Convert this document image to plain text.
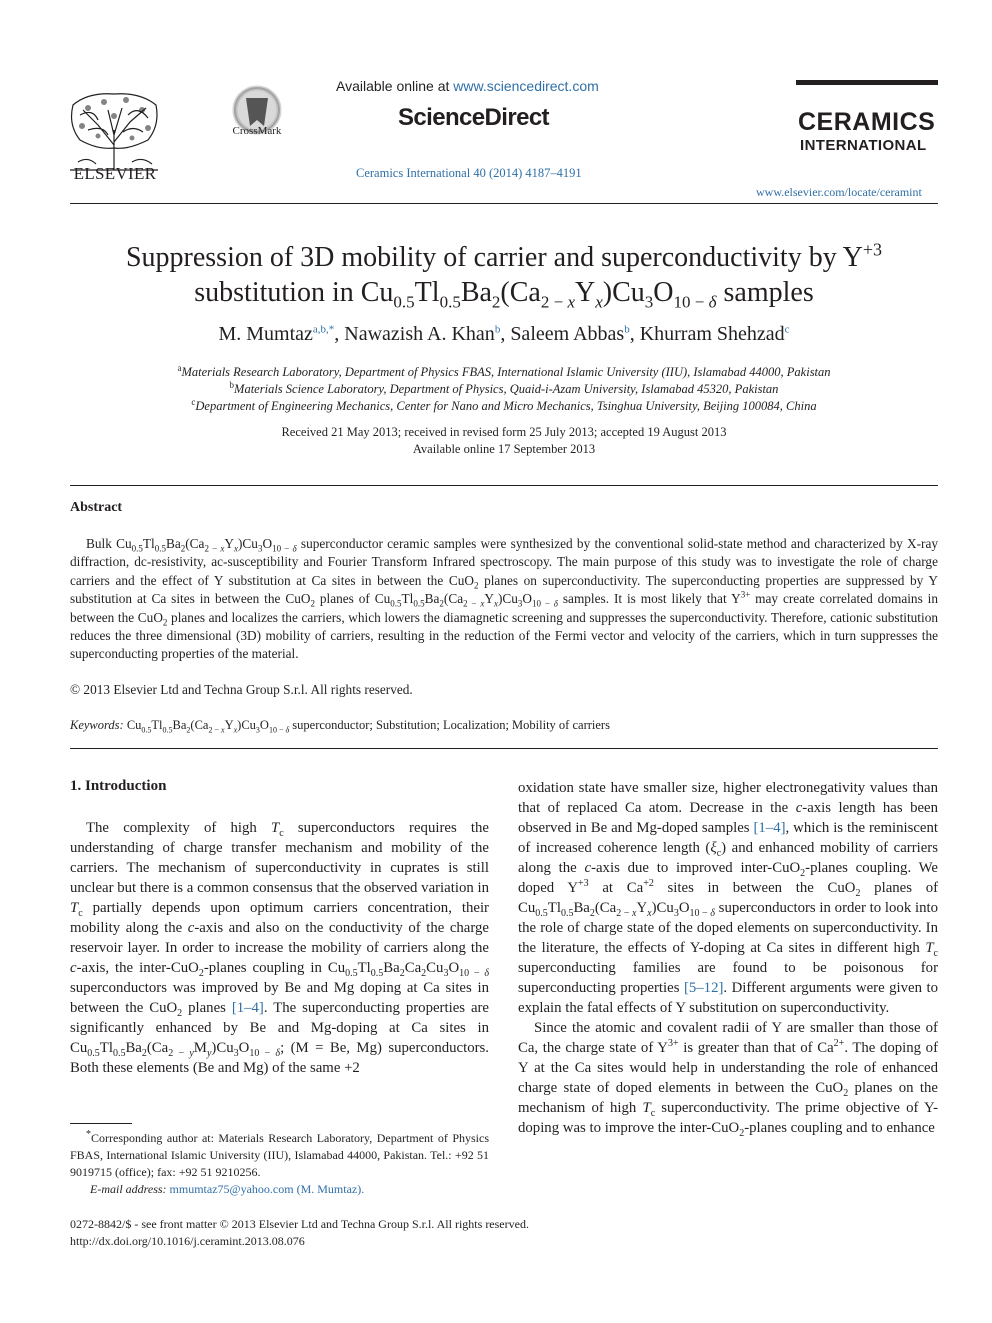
ELSEVIER
CrossMark
Available online at www.sciencedirect.com
ScienceDirect
Ceramics International 40 (2014) 4187–4191
CERAMICS
INTERNATIONAL
www.elsevier.com/locate/ceramint
Suppression of 3D mobility of carrier and superconductivity by $Y^{+3}$
substitution in $Cu_{0.5}Tl_{0.5}Ba_2(Ca_{2 - x}Y_x)Cu_3O_{10 - \delta}$ samples
M. Mumtaz$^{a,b,*}$, Nawazish A. Khan$^b$, Saleem Abbas$^b$, Khurram Shehzad$^c$
$^a$Materials Research Laboratory, Department of Physics FBAS, International Islamic University (IIU), Islamabad 44000, Pakistan
$^b$Materials Science Laboratory, Department of Physics, Quaid-i-Azam University, Islamabad 45320, Pakistan
$^c$Department of Engineering Mechanics, Center for Nano and Micro Mechanics, Tsinghua University, Beijing 100084, China
Received 21 May 2013; received in revised form 25 July 2013; accepted 19 August 2013
Available online 17 September 2013
Abstract
Bulk $Cu_{0.5}Tl_{0.5}Ba_2(Ca_{2 - x}Y_x)Cu_3O_{10 - \delta}$ superconductor ceramic samples were synthesized by the conventional solid-state method and characterized by X-ray diffraction, dc-resistivity, ac-susceptibility and Fourier Transform Infrared spectroscopy. The main purpose of this study was to investigate the role of charge carriers and the effect of Y substitution at Ca sites in between the CuO$_2$ planes on superconductivity. The superconducting properties are suppressed by Y substitution at Ca sites in between the CuO$_2$ planes of $Cu_{0.5}Tl_{0.5}Ba_2(Ca_{2 - x}Y_x)Cu_3O_{10 - \delta}$ samples. It is most likely that $Y^{3+}$ may create correlated domains in between the CuO$_2$ planes and localizes the carriers, which lowers the diamagnetic screening and suppresses the superconductivity. Therefore, cationic substitution reduces the three dimensional (3D) mobility of carriers, resulting in the reduction of the Fermi vector and velocity of the carriers, which in turn suppresses the superconducting properties of the material.
© 2013 Elsevier Ltd and Techna Group S.r.l. All rights reserved.
Keywords: $Cu_{0.5}Tl_{0.5}Ba_2(Ca_{2 - x}Y_x)Cu_3O_{10 - \delta}$ superconductor; Substitution; Localization; Mobility of carriers
1. Introduction
The complexity of high $T_c$ superconductors requires the understanding of charge transfer mechanism and mobility of the carriers. The mechanism of superconductivity in cuprates is still unclear but there is a common consensus that the observed variation in $T_c$ partially depends upon optimum carriers concentration, their mobility along the c-axis and also on the conductivity of the charge reservoir layer. In order to increase the mobility of carriers along the c-axis, the inter-CuO$_2$-planes coupling in $Cu_{0.5}Tl_{0.5}Ba_2Ca_2Cu_3O_{10 - \delta}$ superconductors was improved by Be and Mg doping at Ca sites in between the CuO$_2$ planes [1–4]. The superconducting properties are significantly enhanced by Be and Mg-doping at Ca sites in $Cu_{0.5}Tl_{0.5}Ba_2(Ca_{2 - y}M_y)Cu_3O_{10 - \delta}$; (M = Be, Mg) superconductors. Both these elements (Be and Mg) of the same +2

oxidation state have smaller size, higher electronegativity values than that of replaced Ca atom. Decrease in the c-axis length has been observed in Be and Mg-doped samples [1–4], which is the reminiscent of increased coherence length $(\xi_c)$ and enhanced mobility of carriers along the c-axis due to improved inter-CuO$_2$-planes coupling. We doped $Y^{+3}$ at $Ca^{+2}$ sites in between the CuO$_2$ planes of $Cu_{0.5}Tl_{0.5}Ba_2(Ca_{2 - x}Y_x)Cu_3O_{10 - \delta}$ superconductors in order to look into the role of charge state of the doped elements on superconductivity. In the literature, the effects of Y-doping at Ca sites in different high $T_c$ superconducting families are found to be poisonous for superconducting properties [5–12]. Different arguments were given to explain the fatal effects of Y substitution on superconductivity.

Since the atomic and covalent radii of Y are smaller than those of Ca, the charge state of $Y^{3+}$ is greater than that of $Ca^{2+}$. The doping of Y at the Ca sites would help in understanding the role of enhanced charge state of doped elements in between the CuO$_2$ planes on the mechanism of high $T_c$ superconductivity. The prime objective of Y-doping was to improve the inter-CuO$_2$-planes coupling and to enhance

*Corresponding author at: Materials Research Laboratory, Department of Physics FBAS, International Islamic University (IIU), Islamabad 44000, Pakistan. Tel.: +92 51 9019715 (office); fax: +92 51 9210256.
E-mail address: mmumtaz75@yahoo.com (M. Mumtaz).
0272-8842/$ - see front matter © 2013 Elsevier Ltd and Techna Group S.r.l. All rights reserved.
http://dx.doi.org/10.1016/j.ceramint.2013.08.076
